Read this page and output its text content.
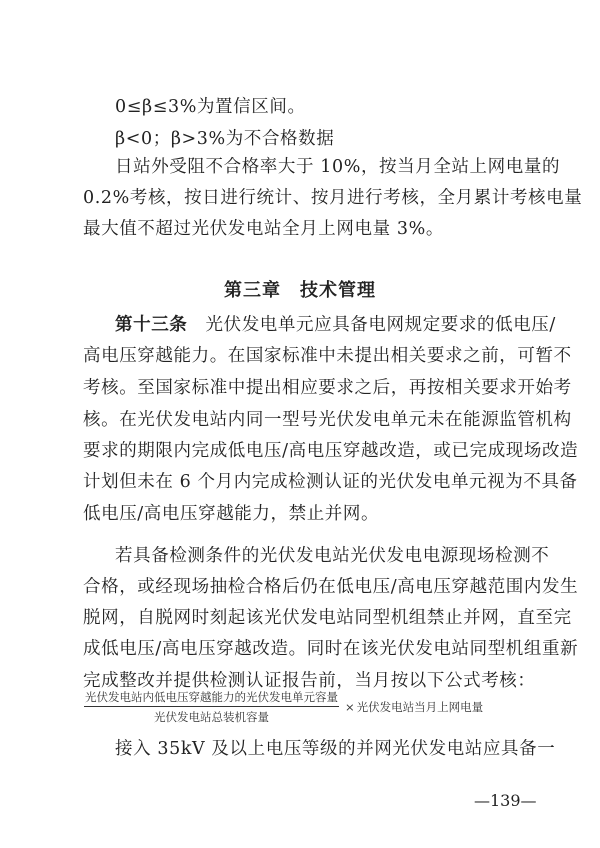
0≤β≤3%为置信区间。
β<0；β>3%为不合格数据
日站外受阻不合格率大于 10%，按当月全站上网电量的
0.2%考核，按日进行统计、按月进行考核，全月累计考核电量
最大值不超过光伏发电站全月上网电量 3%。
第三章　技术管理
第十三条　光伏发电单元应具备电网规定要求的低电压/
高电压穿越能力。在国家标准中未提出相关要求之前，可暂不
考核。至国家标准中提出相应要求之后，再按相关要求开始考
核。在光伏发电站内同一型号光伏发电单元未在能源监管机构
要求的期限内完成低电压/高电压穿越改造，或已完成现场改造
计划但未在 6 个月内完成检测认证的光伏发电单元视为不具备
低电压/高电压穿越能力，禁止并网。
若具备检测条件的光伏发电站光伏发电电源现场检测不
合格，或经现场抽检合格后仍在低电压/高电压穿越范围内发生
脱网，自脱网时刻起该光伏发电站同型机组禁止并网，直至完
成低电压/高电压穿越改造。同时在该光伏发电站同型机组重新
完成整改并提供检测认证报告前，当月按以下公式考核：
$\frac{\text{光伏发电站内低电压穿越能力的光伏发电单元容量}}{\text{光伏发电站总装机容量}}$ × 光伏发电站当月上网电量
接入 35kV 及以上电压等级的并网光伏发电站应具备一
—139—
